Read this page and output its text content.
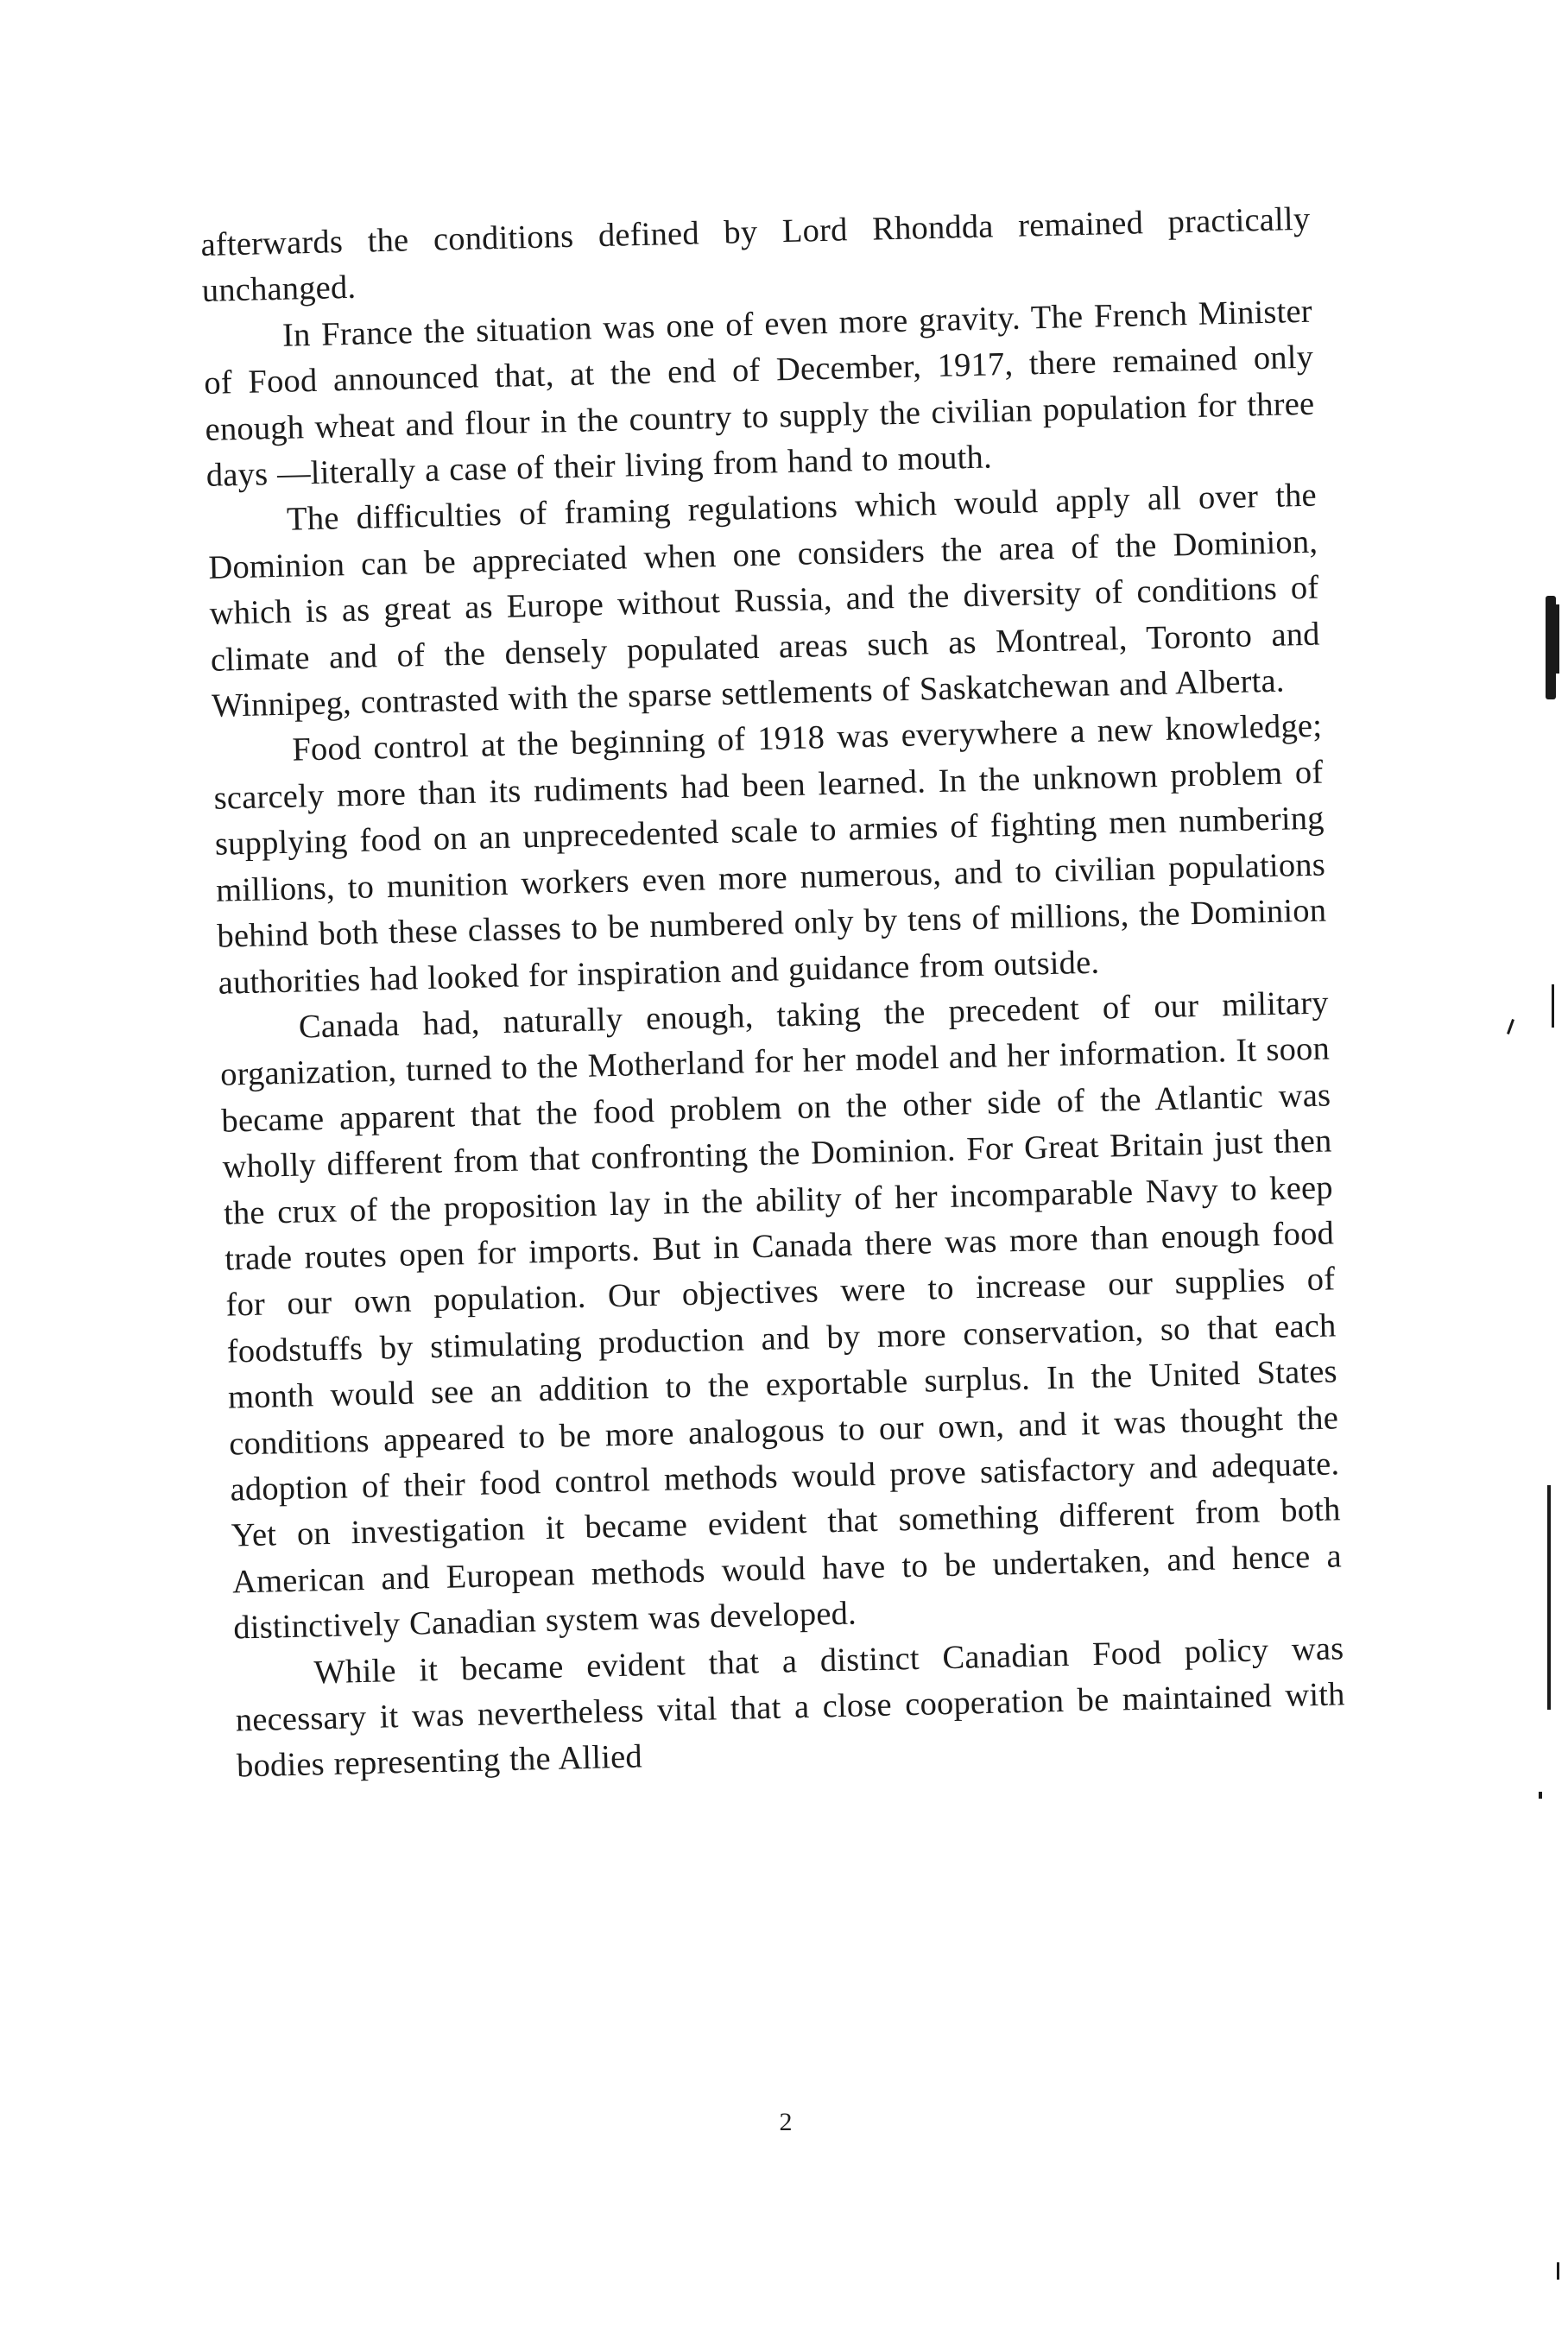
afterwards the conditions defined by Lord Rhondda remained practically unchanged.

In France the situation was one of even more gravity. The French Minister of Food announced that, at the end of December, 1917, there remained only enough wheat and flour in the country to supply the civilian population for three days —literally a case of their living from hand to mouth.

The difficulties of framing regulations which would apply all over the Dominion can be appreciated when one considers the area of the Dominion, which is as great as Europe without Russia, and the diversity of conditions of climate and of the densely populated areas such as Montreal, Toronto and Winnipeg, contrasted with the sparse settlements of Saskatchewan and Alberta.

Food control at the beginning of 1918 was everywhere a new knowledge; scarcely more than its rudiments had been learned. In the unknown problem of supplying food on an unprecedented scale to armies of fighting men numbering millions, to munition workers even more numerous, and to civilian populations behind both these classes to be numbered only by tens of millions, the Dominion authorities had looked for inspiration and guidance from outside.

Canada had, naturally enough, taking the precedent of our military organization, turned to the Motherland for her model and her information. It soon became apparent that the food problem on the other side of the Atlantic was wholly different from that confronting the Dominion. For Great Britain just then the crux of the proposition lay in the ability of her incomparable Navy to keep trade routes open for imports. But in Canada there was more than enough food for our own population. Our objectives were to increase our supplies of foodstuffs by stimulating production and by more conservation, so that each month would see an addition to the exportable surplus. In the United States conditions appeared to be more analogous to our own, and it was thought the adoption of their food control methods would prove satisfactory and adequate. Yet on investigation it became evident that something different from both American and European methods would have to be undertaken, and hence a distinctively Canadian system was developed.

While it became evident that a distinct Canadian Food policy was necessary it was nevertheless vital that a close cooperation be maintained with bodies representing the Allied

2
